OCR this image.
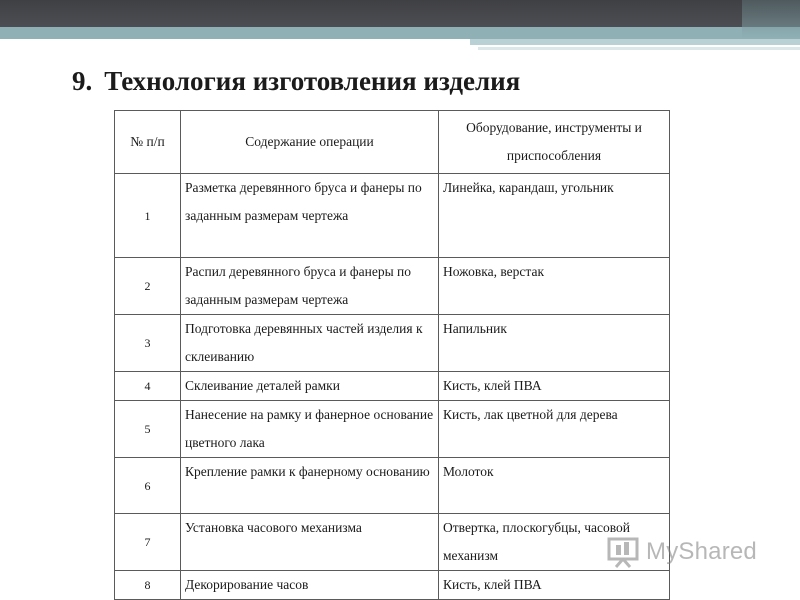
9. Технология изготовления изделия
№ п/п	Содержание операции	Оборудование, инструменты и приспособления
1	Разметка деревянного бруса и фанеры по заданным размерам чертежа	Линейка, карандаш, угольник
2	Распил деревянного бруса и фанеры по заданным размерам чертежа	Ножовка, верстак
3	Подготовка деревянных частей изделия к склеиванию	Напильник
4	Склеивание деталей рамки	Кисть, клей ПВА
5	Нанесение на рамку и фанерное основание цветного лака	Кисть, лак цветной для дерева
6	Крепление рамки к фанерному основанию	Молоток
7	Установка часового механизма	Отвертка, плоскогубцы, часовой механизм
8	Декорирование часов	Кисть, клей ПВА
MyShared
